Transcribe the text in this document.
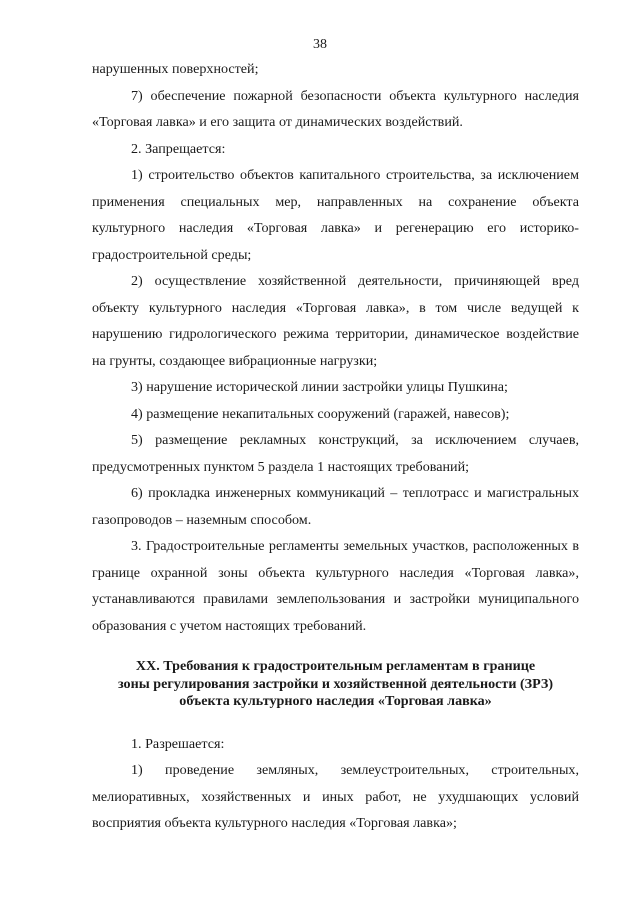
38

нарушенных поверхностей;

7) обеспечение пожарной безопасности объекта культурного наследия «Торговая лавка» и его защита от динамических воздействий.

2. Запрещается:

1) строительство объектов капитального строительства, за исключением применения специальных мер, направленных на сохранение объекта культурного наследия «Торговая лавка» и регенерацию его историко-градостроительной среды;

2) осуществление хозяйственной деятельности, причиняющей вред объекту культурного наследия «Торговая лавка», в том числе ведущей к нарушению гидрологического режима территории, динамическое воздействие на грунты, создающее вибрационные нагрузки;

3) нарушение исторической линии застройки улицы Пушкина;

4) размещение некапитальных сооружений (гаражей, навесов);

5) размещение рекламных конструкций, за исключением случаев, предусмотренных пунктом 5 раздела 1 настоящих требований;

6) прокладка инженерных коммуникаций – теплотрасс и магистральных газопроводов – наземным способом.

3. Градостроительные регламенты земельных участков, расположенных в границе охранной зоны объекта культурного наследия «Торговая лавка», устанавливаются правилами землепользования и застройки муниципального образования с учетом настоящих требований.

XX. Требования к градостроительным регламентам в границе
зоны регулирования застройки и хозяйственной деятельности (ЗРЗ)
объекта культурного наследия «Торговая лавка»

1. Разрешается:

1) проведение земляных, землеустроительных, строительных, мелиоративных, хозяйственных и иных работ, не ухудшающих условий восприятия объекта культурного наследия «Торговая лавка»;
